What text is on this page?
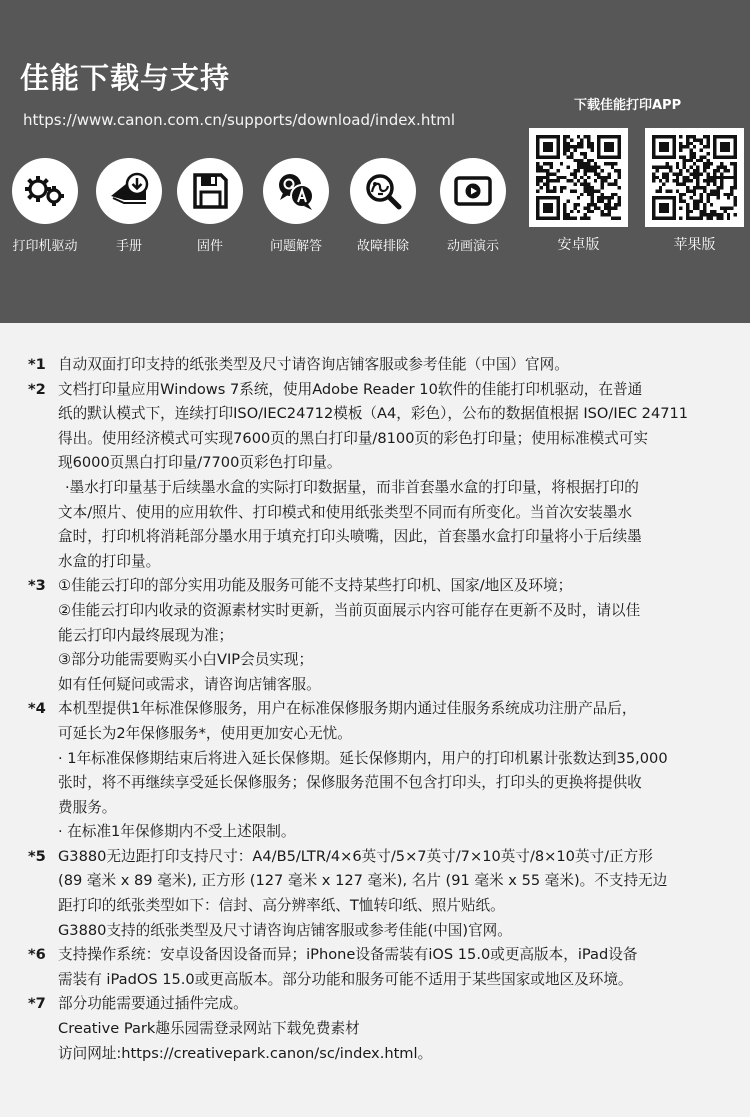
佳能下载与支持
https://www.canon.com.cn/supports/download/index.html
打印机驱动	手册	固件	问题解答	故障排除	动画演示
下载佳能打印APP
安卓版	苹果版
*1 自动双面打印支持的纸张类型及尺寸请咨询店铺客服或参考佳能（中国）官网。
*2 文档打印量应用Windows 7系统，使用Adobe Reader 10软件的佳能打印机驱动，在普通
纸的默认模式下，连续打印ISO/IEC24712模板（A4，彩色），公布的数据值根据 ISO/IEC 24711
得出。使用经济模式可实现7600页的黑白打印量/8100页的彩色打印量；使用标准模式可实
现6000页黑白打印量/7700页彩色打印量。
·墨水打印量基于后续墨水盒的实际打印数据量，而非首套墨水盒的打印量，将根据打印的
文本/照片、使用的应用软件、打印模式和使用纸张类型不同而有所变化。当首次安装墨水
盒时，打印机将消耗部分墨水用于填充打印头喷嘴，因此，首套墨水盒打印量将小于后续墨
水盒的打印量。
*3 ①佳能云打印的部分实用功能及服务可能不支持某些打印机、国家/地区及环境；
②佳能云打印内收录的资源素材实时更新，当前页面展示内容可能存在更新不及时，请以佳
能云打印内最终展现为准；
③部分功能需要购买小白VIP会员实现；
如有任何疑问或需求，请咨询店铺客服。
*4 本机型提供1年标准保修服务，用户在标准保修服务期内通过佳服务系统成功注册产品后，
可延长为2年保修服务*，使用更加安心无忧。
· 1年标准保修期结束后将进入延长保修期。延长保修期内，用户的打印机累计张数达到35,000
张时，将不再继续享受延长保修服务；保修服务范围不包含打印头，打印头的更换将提供收
费服务。
· 在标准1年保修期内不受上述限制。
*5 G3880无边距打印支持尺寸：A4/B5/LTR/4×6英寸/5×7英寸/7×10英寸/8×10英寸/正方形
(89 毫米 x 89 毫米), 正方形 (127 毫米 x 127 毫米), 名片 (91 毫米 x 55 毫米)。不支持无边
距打印的纸张类型如下：信封、高分辨率纸、T恤转印纸、照片贴纸。
G3880支持的纸张类型及尺寸请咨询店铺客服或参考佳能(中国)官网。
*6 支持操作系统：安卓设备因设备而异；iPhone设备需装有iOS 15.0或更高版本，iPad设备
需装有 iPadOS 15.0或更高版本。部分功能和服务可能不适用于某些国家或地区及环境。
*7 部分功能需要通过插件完成。
Creative Park趣乐园需登录网站下载免费素材
访问网址:https://creativepark.canon/sc/index.html。
